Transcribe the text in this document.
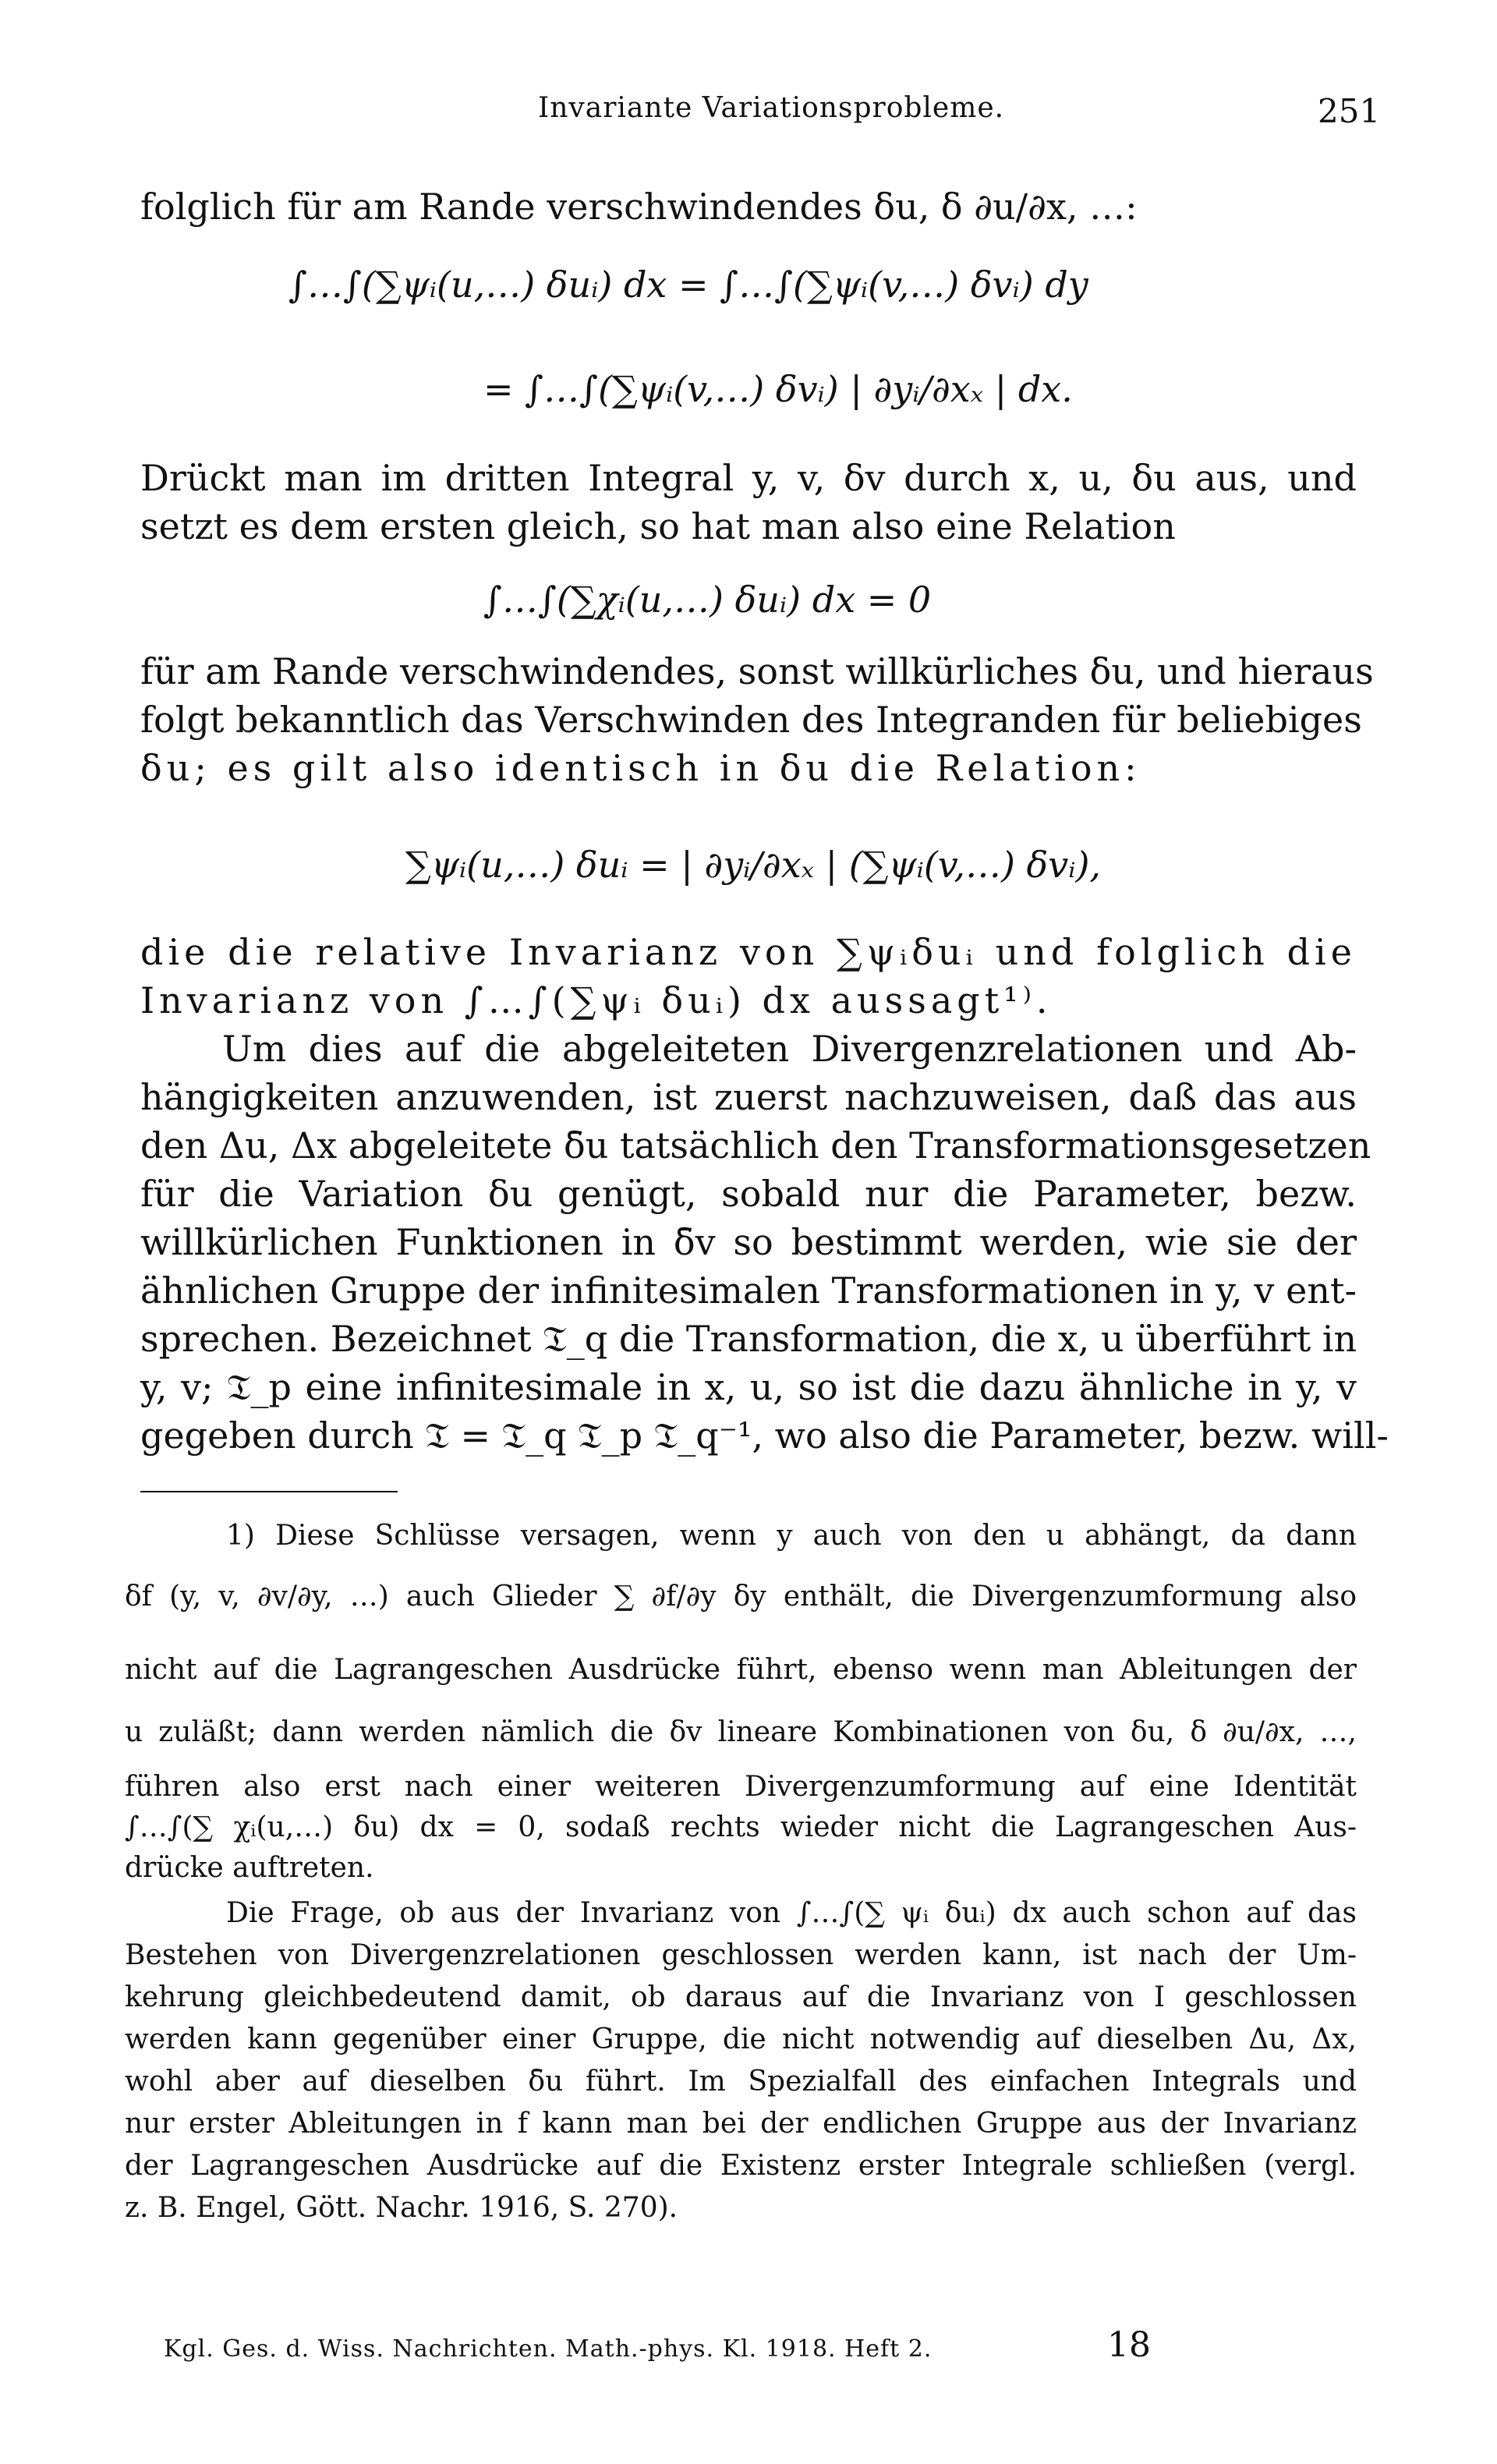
Invariante Variationsprobleme.	251
folglich für am Rande verschwindendes δu, δ ∂u/∂x, …:
∫…∫(∑ψᵢ(u,…) δuᵢ) dx = ∫…∫(∑ψᵢ(v,…) δvᵢ) dy
= ∫…∫(∑ψᵢ(v,…) δvᵢ) | ∂yᵢ/∂xₓ | dx.
Drückt man im dritten Integral y, v, δv durch x, u, δu aus, und
setzt es dem ersten gleich, so hat man also eine Relation
∫…∫(∑χᵢ(u,…) δuᵢ) dx = 0
für am Rande verschwindendes, sonst willkürliches δu, und hieraus
folgt bekanntlich das Verschwinden des Integranden für beliebiges
δu; es gilt also identisch in δu die Relation:
∑ψᵢ(u,…) δuᵢ = | ∂yᵢ/∂xₓ | (∑ψᵢ(v,…) δvᵢ),
die die relative Invarianz von ∑ψᵢδuᵢ und folglich die
Invarianz von ∫…∫(∑ψᵢ δuᵢ) dx aussagt¹⁾.
Um dies auf die abgeleiteten Divergenzrelationen und Ab-
hängigkeiten anzuwenden, ist zuerst nachzuweisen, daß das aus
den Δu, Δx abgeleitete δ̄u tatsächlich den Transformationsgesetzen
für die Variation δu genügt, sobald nur die Parameter, bezw.
willkürlichen Funktionen in δ̄v so bestimmt werden, wie sie der
ähnlichen Gruppe der infinitesimalen Transformationen in y, v ent-
sprechen. Bezeichnet 𝔗_q die Transformation, die x, u überführt in
y, v; 𝔗_p eine infinitesimale in x, u, so ist die dazu ähnliche in y, v
gegeben durch 𝔗 = 𝔗_q 𝔗_p 𝔗_q⁻¹, wo also die Parameter, bezw. will-
1) Diese Schlüsse versagen, wenn y auch von den u abhängt, da dann
δf (y, v, ∂v/∂y, …) auch Glieder ∑ ∂f/∂y δy enthält, die Divergenzumformung also
nicht auf die Lagrangeschen Ausdrücke führt, ebenso wenn man Ableitungen der
u zuläßt; dann werden nämlich die δv lineare Kombinationen von δu, δ ∂u/∂x, …,
führen also erst nach einer weiteren Divergenzumformung auf eine Identität
∫…∫(∑ χᵢ(u,…) δu) dx = 0, sodaß rechts wieder nicht die Lagrangeschen Aus-
drücke auftreten.
Die Frage, ob aus der Invarianz von ∫…∫(∑ ψᵢ δuᵢ) dx auch schon auf das
Bestehen von Divergenzrelationen geschlossen werden kann, ist nach der Um-
kehrung gleichbedeutend damit, ob daraus auf die Invarianz von I geschlossen
werden kann gegenüber einer Gruppe, die nicht notwendig auf dieselben Δu, Δx,
wohl aber auf dieselben δ̄u führt. Im Spezialfall des einfachen Integrals und
nur erster Ableitungen in f kann man bei der endlichen Gruppe aus der Invarianz
der Lagrangeschen Ausdrücke auf die Existenz erster Integrale schließen (vergl.
z. B. Engel, Gött. Nachr. 1916, S. 270).
Kgl. Ges. d. Wiss. Nachrichten. Math.-phys. Kl. 1918. Heft 2.	18
